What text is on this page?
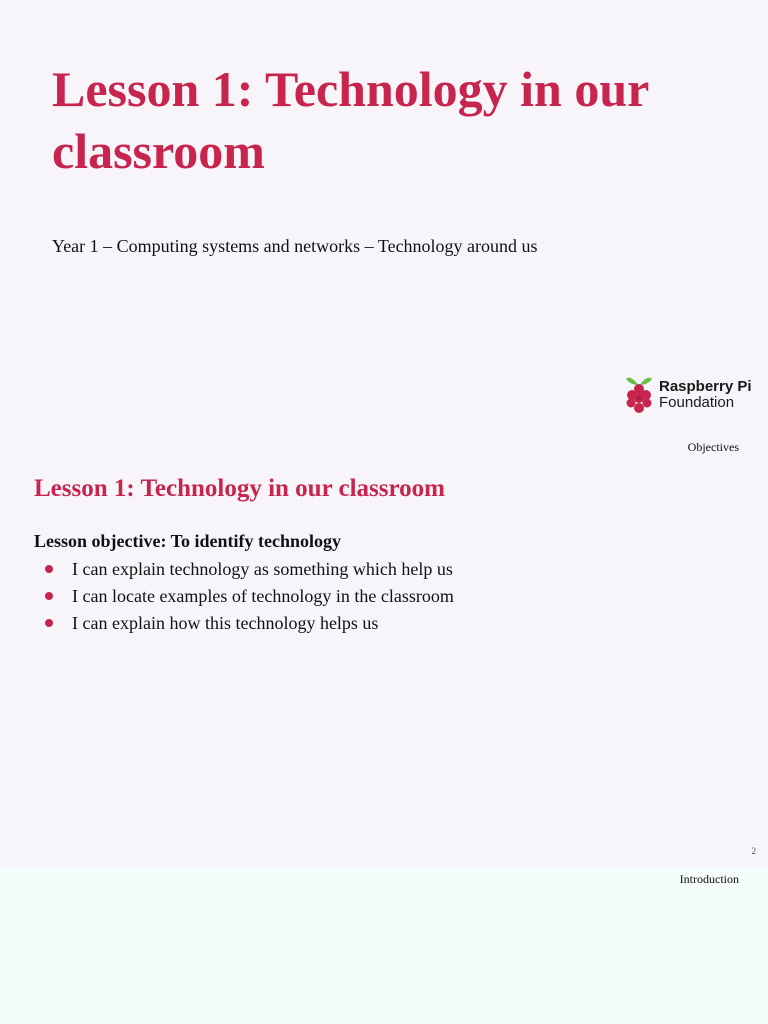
Lesson 1: Technology in our classroom

Year 1 – Computing systems and networks – Technology around us

Raspberry Pi
Foundation
Objectives
Lesson 1: Technology in our classroom

Lesson objective: To identify technology

I can explain technology as something which help us
I can locate examples of technology in the classroom
I can explain how this technology helps us
2
Introduction
